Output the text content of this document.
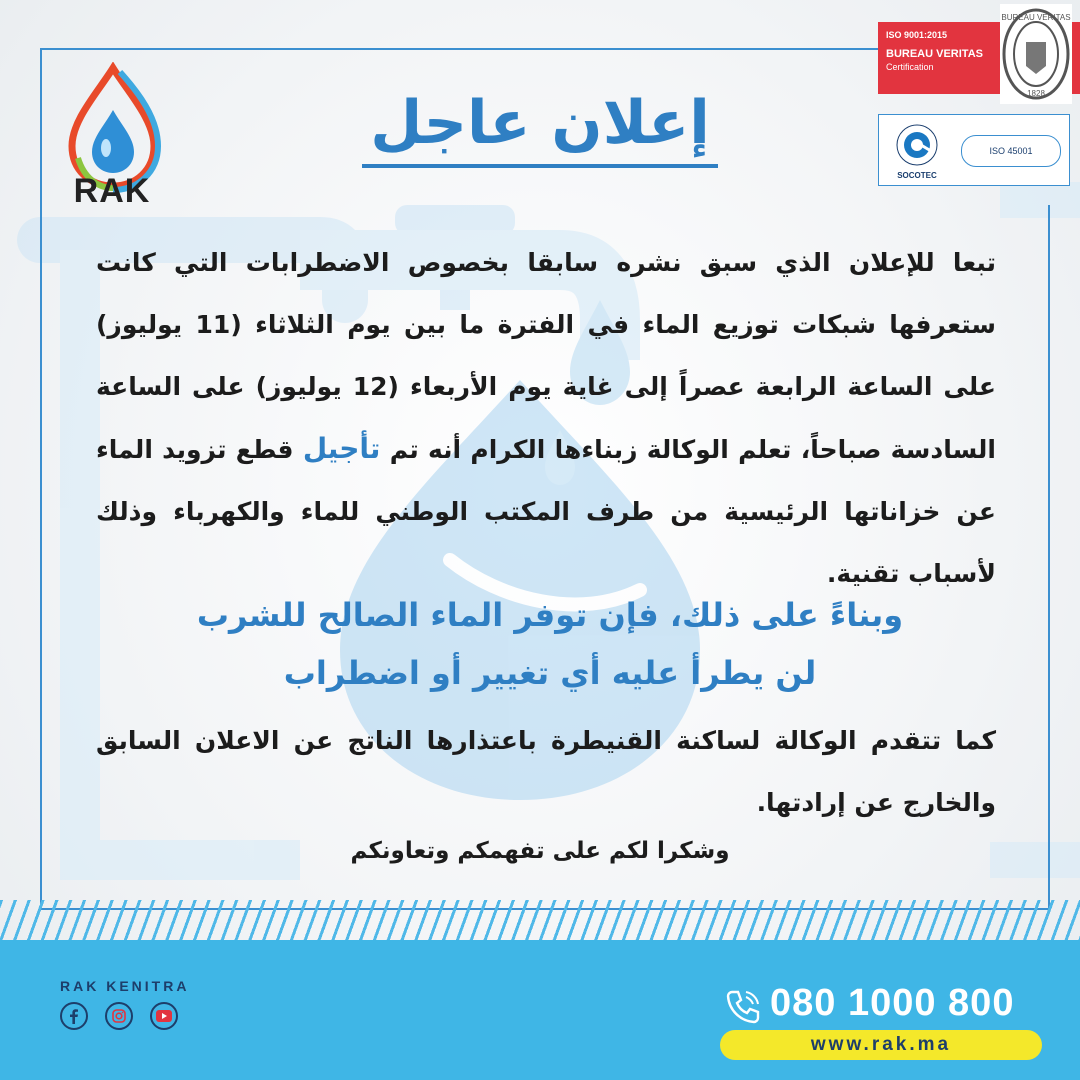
RAK
ISO 9001:2015
BUREAU VERITAS
Certification
BUREAU VERITAS
1828
SOCOTEC
ISO 45001
إعلان عاجل
تبعا للإعلان الذي سبق نشره سابقا بخصوص الاضطرابات التي كانت ستعرفها شبكات توزيع الماء في الفترة ما بين يوم الثلاثاء (11 يوليوز) على الساعة الرابعة عصراً إلى غاية يوم الأربعاء (12 يوليوز) على الساعة السادسة صباحاً، تعلم الوكالة زبناءها الكرام أنه تم تأجيل قطع تزويد الماء عن خزاناتها الرئيسية من طرف المكتب الوطني للماء والكهرباء وذلك لأسباب تقنية.
وبناءً على ذلك، فإن توفر الماء الصالح للشرب
لن يطرأ عليه أي تغيير أو اضطراب
كما تتقدم الوكالة لساكنة القنيطرة باعتذارها الناتج عن الاعلان السابق والخارج عن إرادتها.
وشكرا لكم على تفهمكم وتعاونكم
RAK KENITRA	080 1000 800
www.rak.ma
